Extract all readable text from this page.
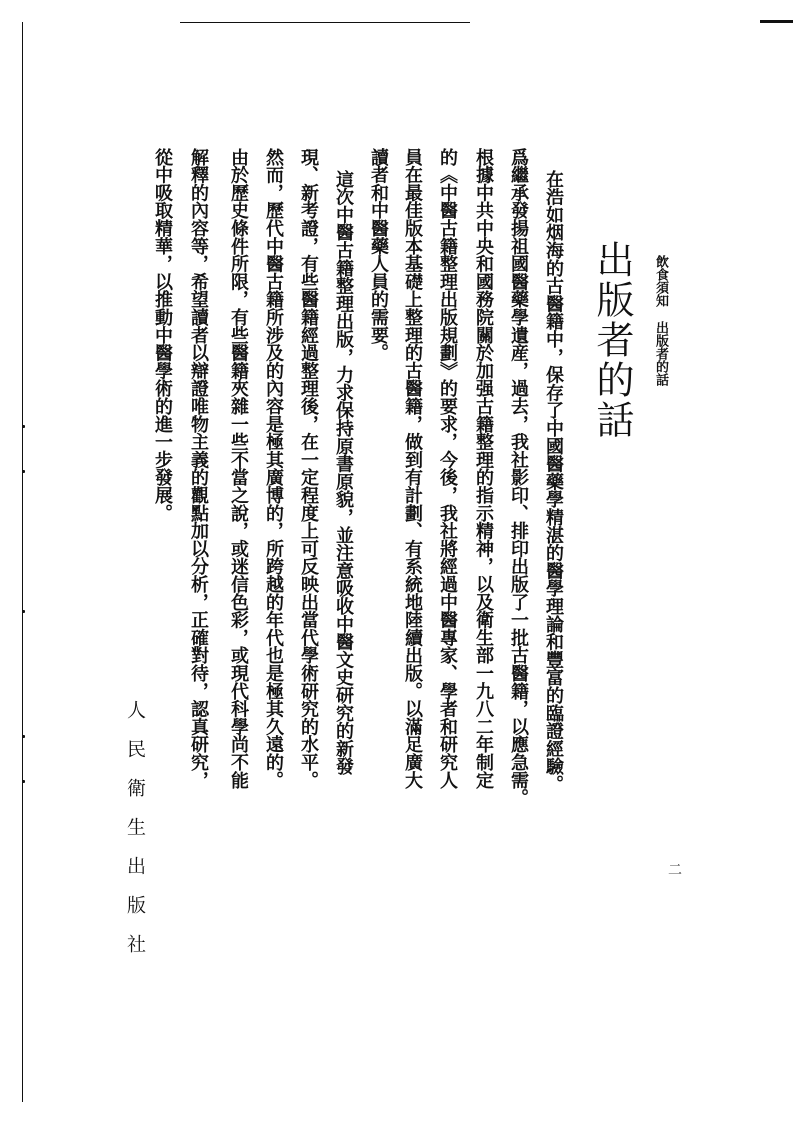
飲食須知出版者的話
出版者的話
在浩如烟海的古醫籍中，保存了中國醫藥學精湛的醫學理論和豐富的臨證經驗。
爲繼承發揚祖國醫藥學遺産，過去，我社影印、排印出版了一批古醫籍，以應急需。
根據中共中央和國務院關於加强古籍整理的指示精神，以及衛生部一九八二年制定
的《中醫古籍整理出版規劃》的要求，今後，我社將經過中醫專家、學者和研究人
員在最佳版本基礎上整理的古醫籍，做到有計劃、有系統地陸續出版。以滿足廣大
讀者和中醫藥人員的需要。
這次中醫古籍整理出版，力求保持原書原貌，並注意吸收中醫文史研究的新發
現、新考證，有些醫籍經過整理後，在一定程度上可反映出當代學術研究的水平。
然而，歷代中醫古籍所涉及的內容是極其廣博的，所跨越的年代也是極其久遠的。
由於歷史條件所限，有些醫籍夾雜一些不當之說，或迷信色彩，或現代科學尚不能
解釋的內容等，希望讀者以辯證唯物主義的觀點加以分析，正確對待，認真研究，
從中吸取精華，以推動中醫學術的進一步發展。
人民衛生出版社	二
